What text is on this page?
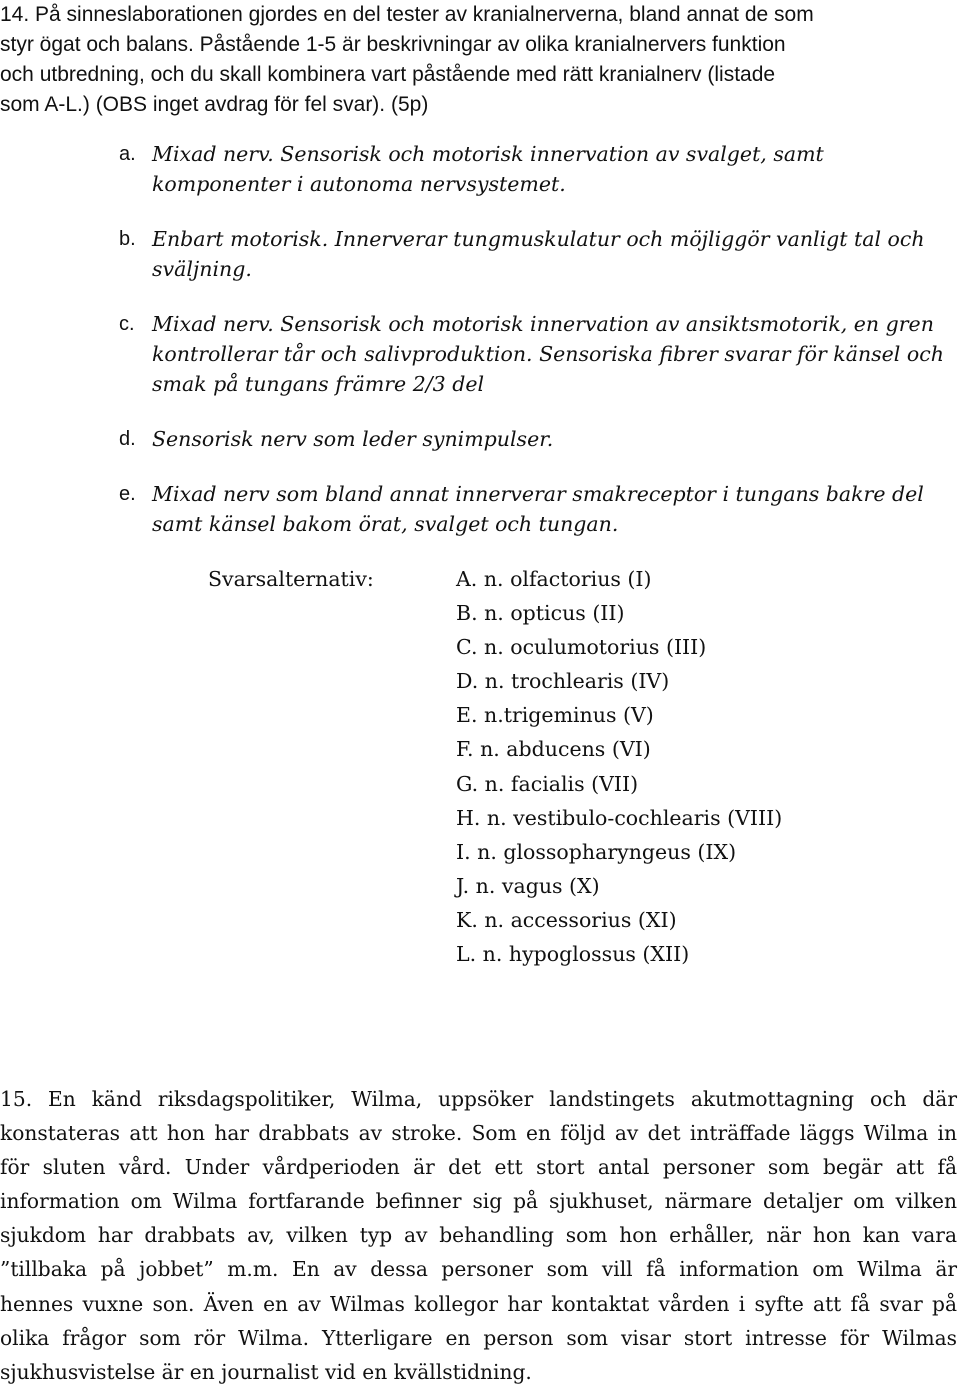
14. På sinneslaborationen gjordes en del tester av kranialnerverna, bland annat de som

styr ögat och balans. Påstående 1-5 är beskrivningar av olika kranialnervers funktion

och utbredning, och du skall kombinera vart påstående med rätt kranialnerv (listade

som A-L.) (OBS inget avdrag för fel svar). (5p)

a. Mixad nerv. Sensorisk och motorisk innervation av svalget, samt
komponenter i autonoma nervsystemet.
b. Enbart motorisk. Innerverar tungmuskulatur och möjliggör vanligt tal och
sväljning.
c. Mixad nerv. Sensorisk och motorisk innervation av ansiktsmotorik, en gren
kontrollerar tår och salivproduktion. Sensoriska fibrer svarar för känsel och
smak på tungans främre 2/3 del
d. Sensorisk nerv som leder synimpulser.
e. Mixad nerv som bland annat innerverar smakreceptor i tungans bakre del
samt känsel bakom örat, svalget och tungan.
Svarsalternativ:	A. n. olfactorius (I)
B. n. opticus (II)
C. n. oculumotorius (III)
D. n. trochlearis (IV)
E. n.trigeminus (V)
F. n. abducens (VI)
G. n. facialis (VII)
H. n. vestibulo-cochlearis (VIII)
I. n. glossopharyngeus (IX)
J. n. vagus (X)
K. n. accessorius (XI)
L. n. hypoglossus (XII)
15. En känd riksdagspolitiker, Wilma, uppsöker landstingets akutmottagning och där
konstateras att hon har drabbats av stroke. Som en följd av det inträffade läggs Wilma in
för sluten vård. Under vårdperioden är det ett stort antal personer som begär att få
information om Wilma fortfarande befinner sig på sjukhuset, närmare detaljer om vilken
sjukdom har drabbats av, vilken typ av behandling som hon erhåller, när hon kan vara
”tillbaka på jobbet” m.m. En av dessa personer som vill få information om Wilma är
hennes vuxne son. Även en av Wilmas kollegor har kontaktat vården i syfte att få svar på
olika frågor som rör Wilma. Ytterligare en person som visar stort intresse för Wilmas
sjukhusvistelse är en journalist vid en kvällstidning.
